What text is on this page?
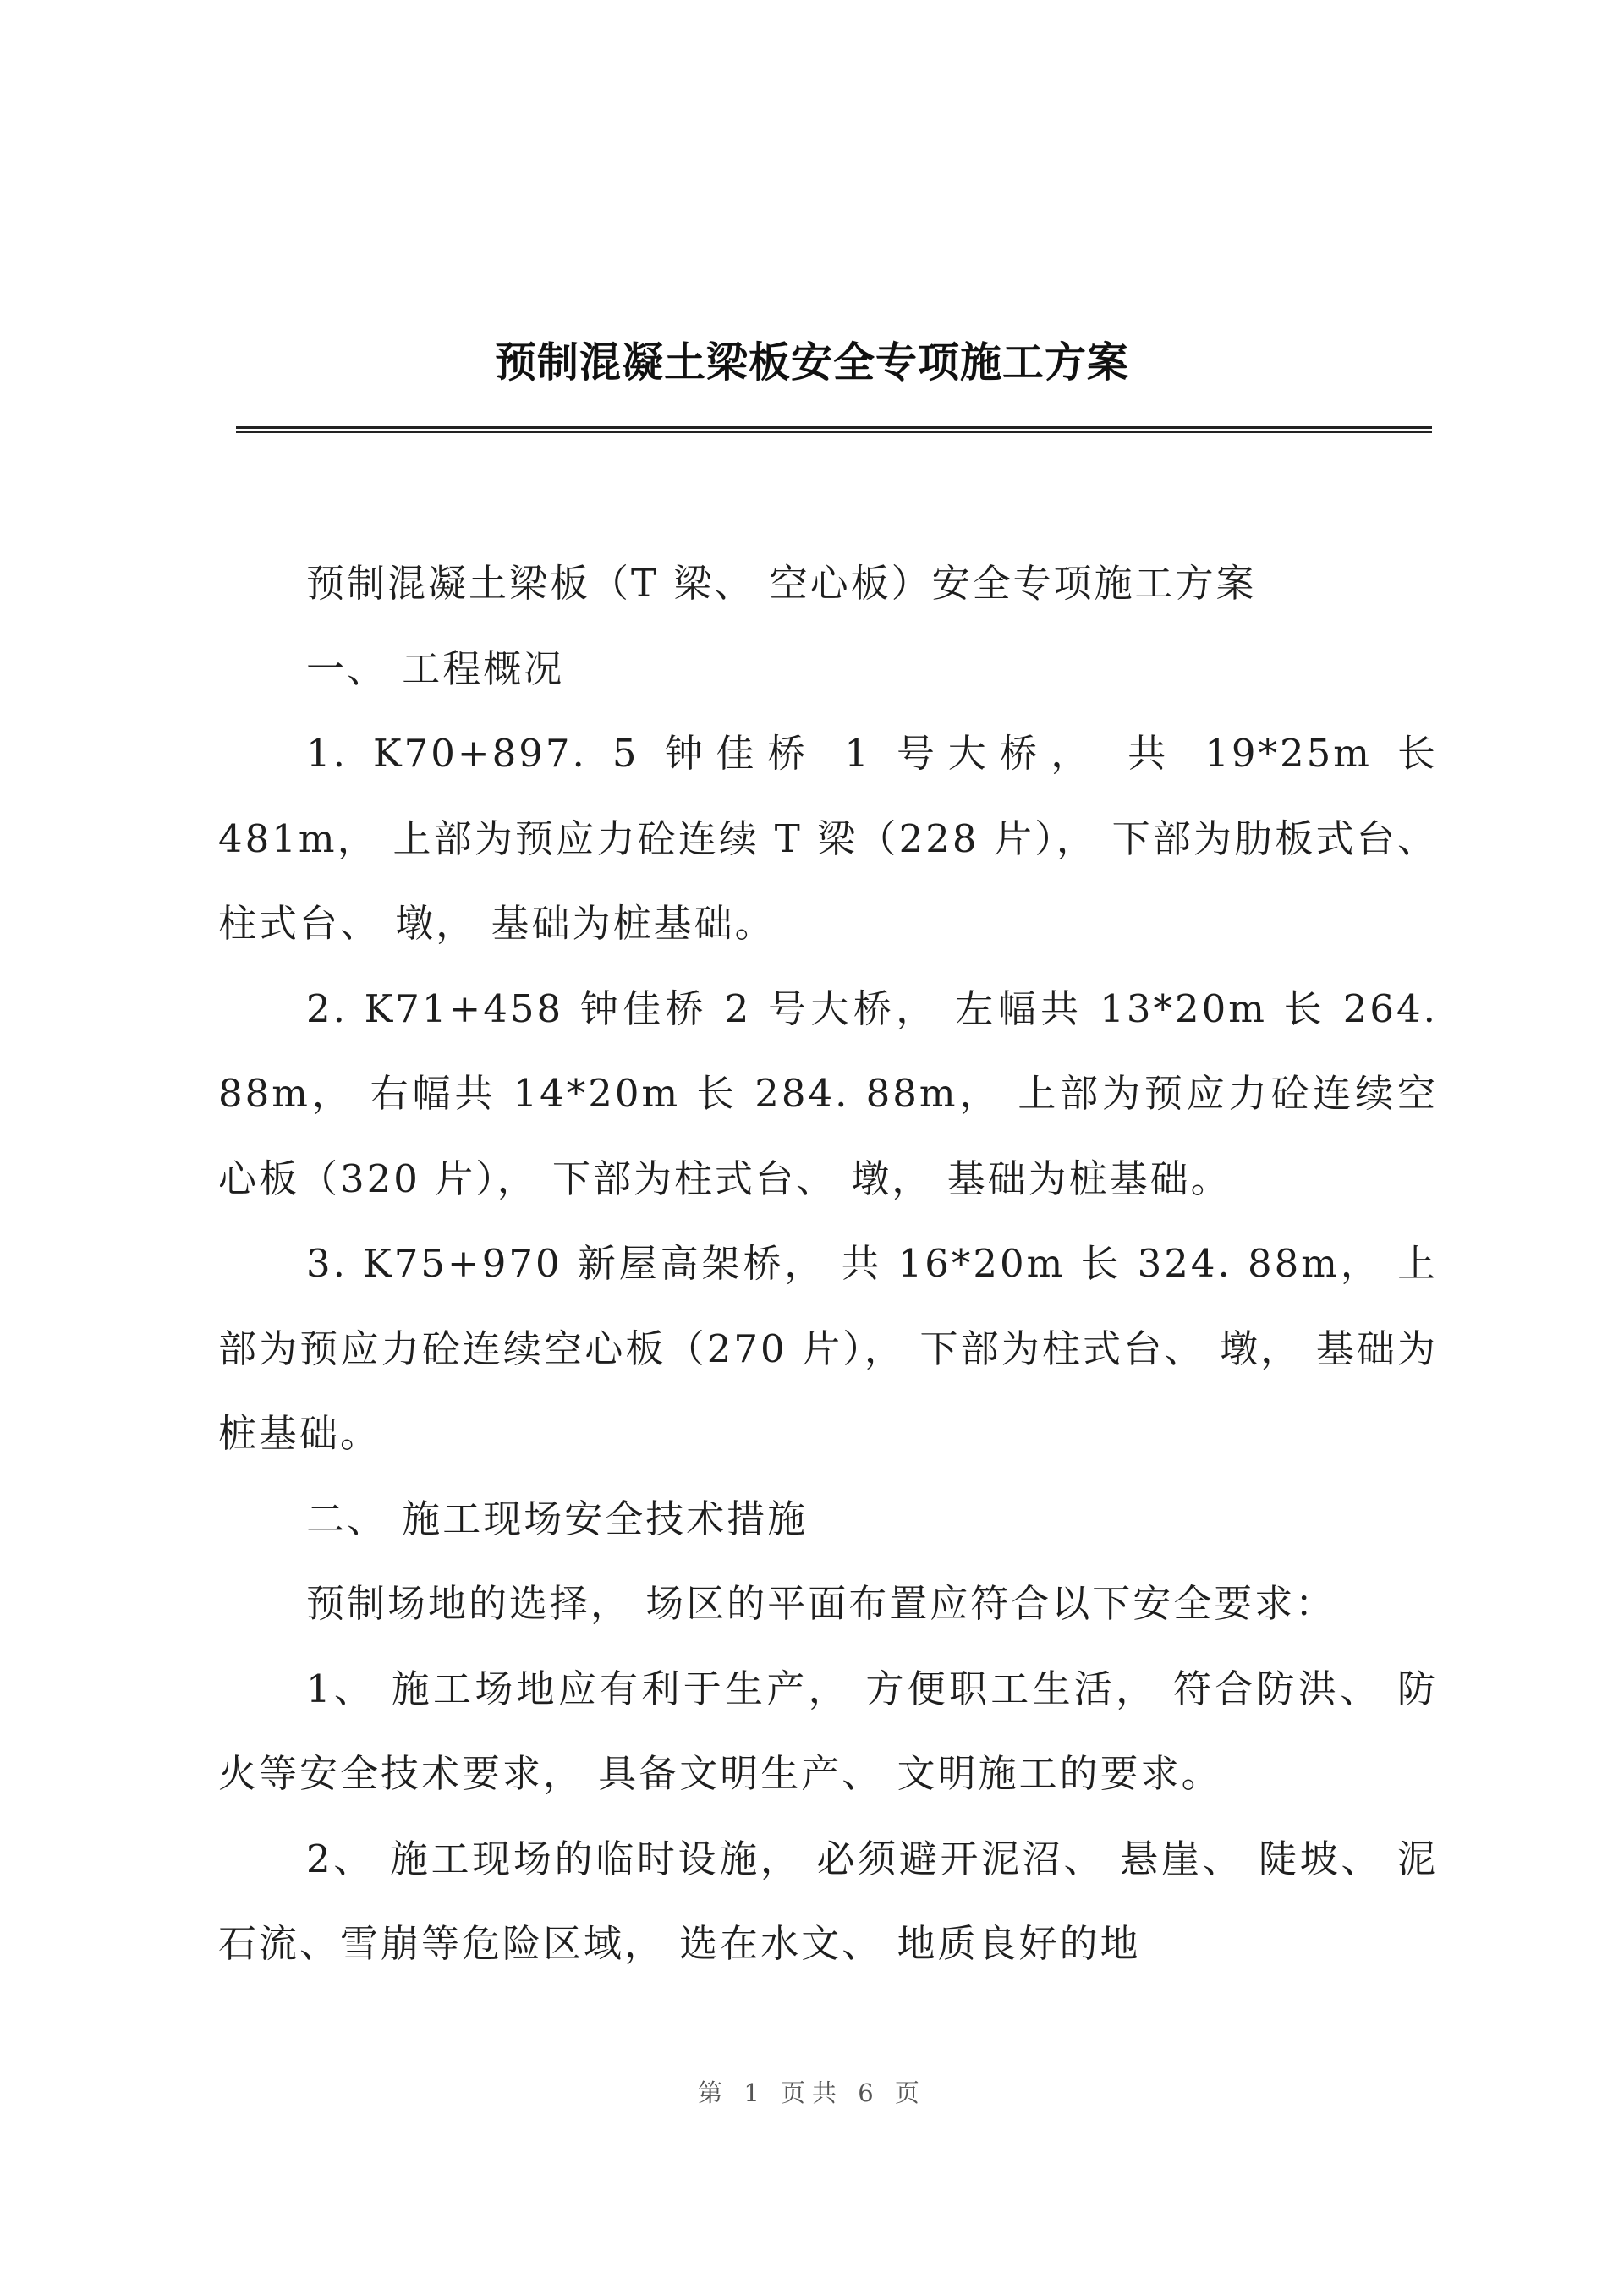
预制混凝土梁板安全专项施工方案

预制混凝土梁板（T 梁、 空心板）安全专项施工方案

一、 工程概况

1. K70+897. 5 钟佳桥 1 号大桥， 共 19*25m 长 481m， 上部为预应力砼连续 T 梁（228 片）， 下部为肋板式台、 柱式台、 墩， 基础为桩基础。

2. K71+458 钟佳桥 2 号大桥， 左幅共 13*20m 长 264. 88m， 右幅共 14*20m 长 284. 88m， 上部为预应力砼连续空心板（320 片）， 下部为柱式台、 墩， 基础为桩基础。

3. K75+970 新屋高架桥， 共 16*20m 长 324. 88m， 上部为预应力砼连续空心板（270 片）， 下部为柱式台、 墩， 基础为桩基础。

二、 施工现场安全技术措施

预制场地的选择， 场区的平面布置应符合以下安全要求：

1、 施工场地应有利于生产， 方便职工生活， 符合防洪、 防火等安全技术要求， 具备文明生产、 文明施工的要求。

2、 施工现场的临时设施， 必须避开泥沼、 悬崖、 陡坡、 泥石流、雪崩等危险区域， 选在水文、 地质良好的地

第 1 页共 6 页
